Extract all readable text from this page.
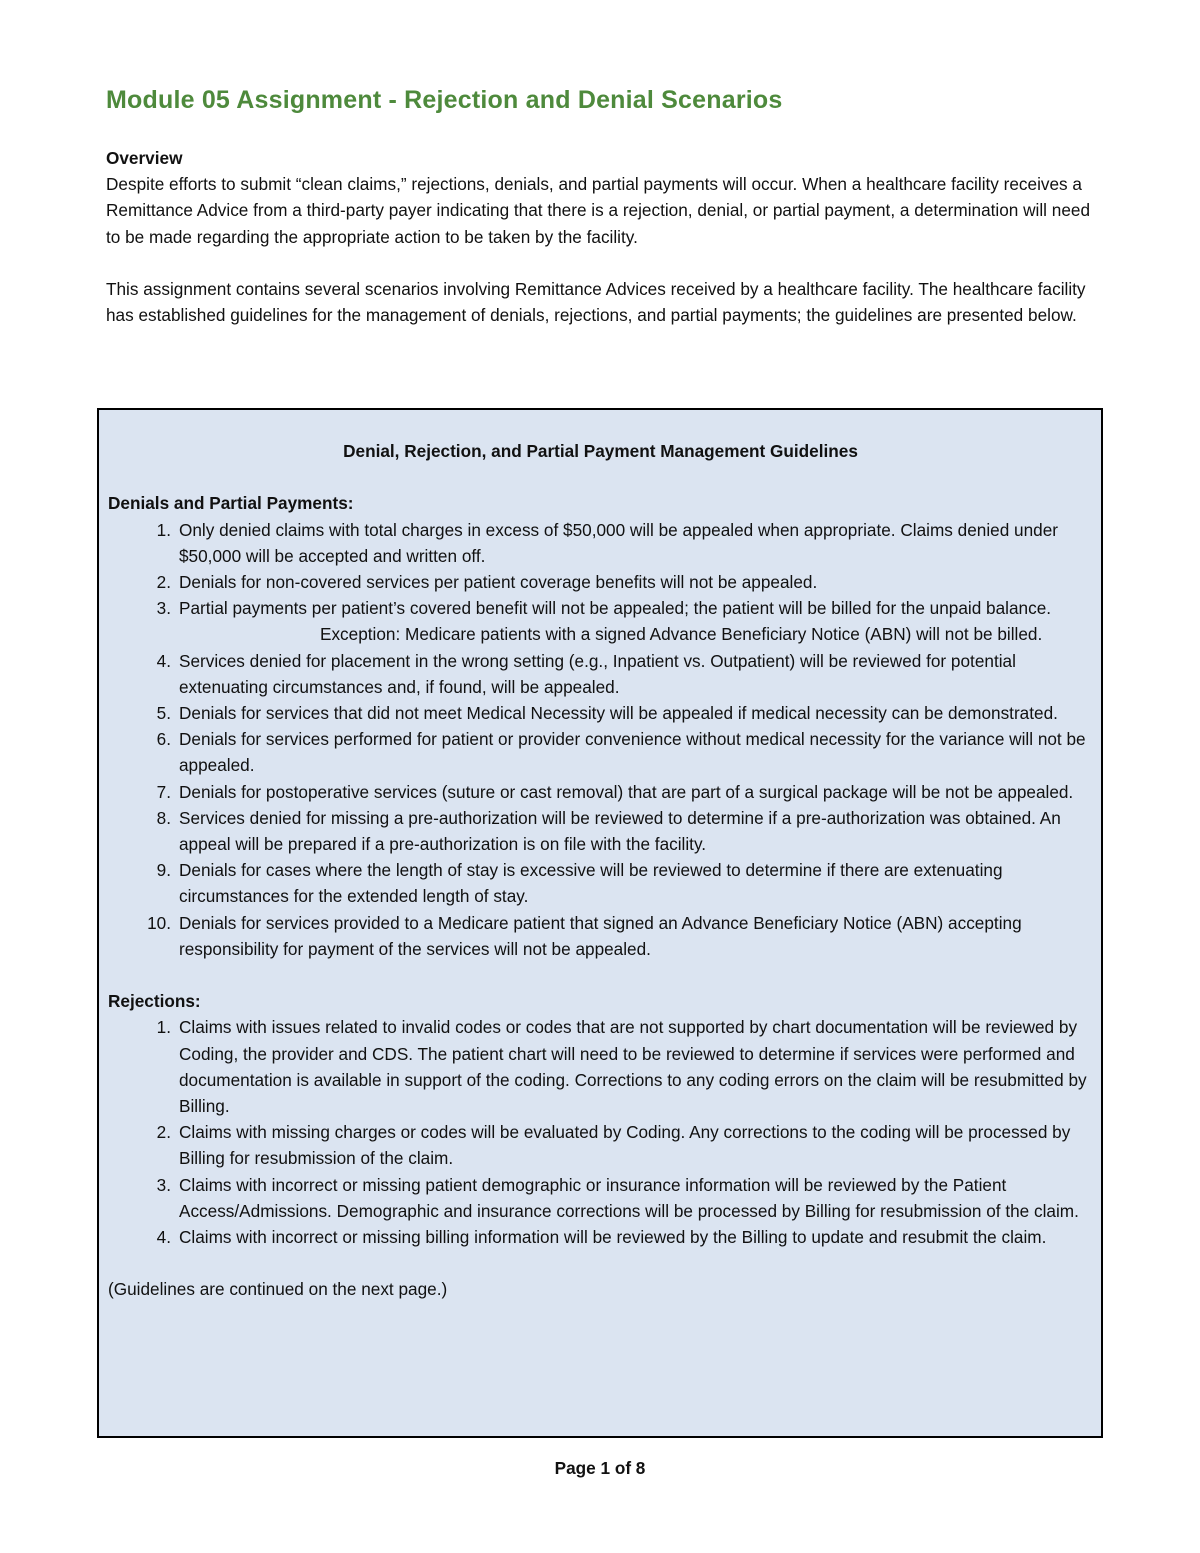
Module 05 Assignment - Rejection and Denial Scenarios

Overview

Despite efforts to submit “clean claims,” rejections, denials, and partial payments will occur. When a healthcare facility receives a Remittance Advice from a third-party payer indicating that there is a rejection, denial, or partial payment, a determination will need to be made regarding the appropriate action to be taken by the facility.

This assignment contains several scenarios involving Remittance Advices received by a healthcare facility. The healthcare facility has established guidelines for the management of denials, rejections, and partial payments; the guidelines are presented below.

Denial, Rejection, and Partial Payment Management Guidelines

Denials and Partial Payments:

1. Only denied claims with total charges in excess of $50,000 will be appealed when appropriate. Claims denied under $50,000 will be accepted and written off.
2. Denials for non-covered services per patient coverage benefits will not be appealed.
3. Partial payments per patient’s covered benefit will not be appealed; the patient will be billed for the unpaid balance.
Exception: Medicare patients with a signed Advance Beneficiary Notice (ABN) will not be billed.
4. Services denied for placement in the wrong setting (e.g., Inpatient vs. Outpatient) will be reviewed for potential extenuating circumstances and, if found, will be appealed.
5. Denials for services that did not meet Medical Necessity will be appealed if medical necessity can be demonstrated.
6. Denials for services performed for patient or provider convenience without medical necessity for the variance will not be appealed.
7. Denials for postoperative services (suture or cast removal) that are part of a surgical package will be not be appealed.
8. Services denied for missing a pre-authorization will be reviewed to determine if a pre-authorization was obtained. An appeal will be prepared if a pre-authorization is on file with the facility.
9. Denials for cases where the length of stay is excessive will be reviewed to determine if there are extenuating circumstances for the extended length of stay.
10. Denials for services provided to a Medicare patient that signed an Advance Beneficiary Notice (ABN) accepting responsibility for payment of the services will not be appealed.

Rejections:

1. Claims with issues related to invalid codes or codes that are not supported by chart documentation will be reviewed by Coding, the provider and CDS. The patient chart will need to be reviewed to determine if services were performed and documentation is available in support of the coding. Corrections to any coding errors on the claim will be resubmitted by Billing.
2. Claims with missing charges or codes will be evaluated by Coding. Any corrections to the coding will be processed by Billing for resubmission of the claim.
3. Claims with incorrect or missing patient demographic or insurance information will be reviewed by the Patient Access/Admissions. Demographic and insurance corrections will be processed by Billing for resubmission of the claim.
4. Claims with incorrect or missing billing information will be reviewed by the Billing to update and resubmit the claim.

(Guidelines are continued on the next page.)

Page 1 of 8
